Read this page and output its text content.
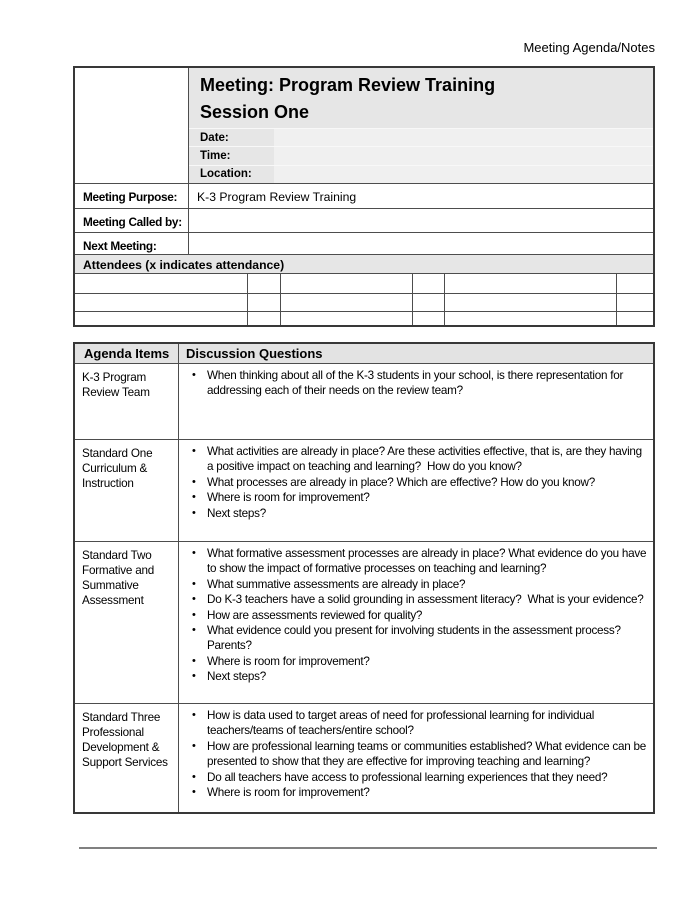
Meeting Agenda/Notes
Meeting: Program Review Training
Session One
Date:
Time:
Location:
Meeting Purpose:	K-3 Program Review Training
Meeting Called by:
Next Meeting:
Attendees (x indicates attendance)
Agenda Items	Discussion Questions
K-3 Program Review Team
• When thinking about all of the K-3 students in your school, is there representation for addressing each of their needs on the review team?
Standard One Curriculum & Instruction
• What activities are already in place? Are these activities effective, that is, are they having a positive impact on teaching and learning?  How do you know?
• What processes are already in place? Which are effective? How do you know?
• Where is room for improvement?
• Next steps?
Standard Two Formative and Summative Assessment
• What formative assessment processes are already in place? What evidence do you have to show the impact of formative processes on teaching and learning?
• What summative assessments are already in place?
• Do K-3 teachers have a solid grounding in assessment literacy?  What is your evidence?
• How are assessments reviewed for quality?
• What evidence could you present for involving students in the assessment process? Parents?
• Where is room for improvement?
• Next steps?
Standard Three Professional Development & Support Services
• How is data used to target areas of need for professional learning for individual teachers/teams of teachers/entire school?
• How are professional learning teams or communities established? What evidence can be presented to show that they are effective for improving teaching and learning?
• Do all teachers have access to professional learning experiences that they need?
• Where is room for improvement?
